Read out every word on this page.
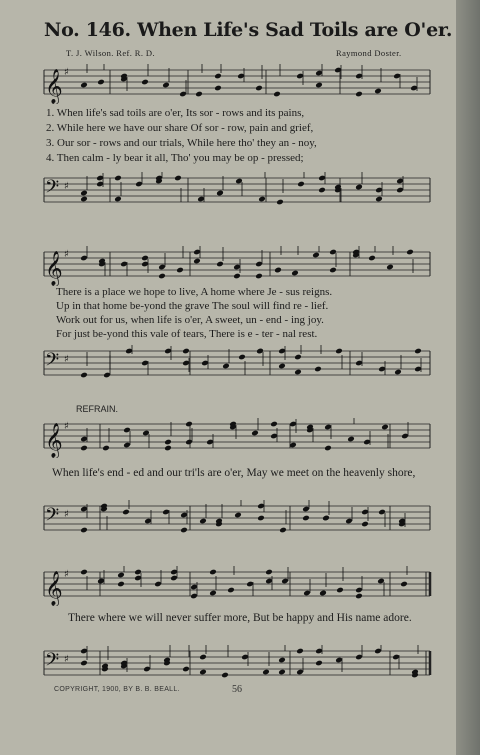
No. 146. When Life's Sad Toils are O'er.
T. J. Wilson. Ref. R. D.	Raymond Doster.
𝄞 ♯
1. When life's sad toils are o'er, Its sor - rows and its pains,
2. While here we have our share Of sor - row, pain and grief,
3. Our sor - rows and our trials, While here tho' they an - noy,
4. Then calm - ly bear it all, Tho' you may be op - pressed;
𝄢 ♯
𝄞 ♯
There is a place we hope to live, A home where Je - sus reigns.
Up in that home be-yond the grave The soul will find re - lief.
Work out for us, when life is o'er, A sweet, un - end - ing joy.
For just be-yond this vale of tears, There is e - ter - nal rest.
𝄢 ♯
REFRAIN.
𝄞 ♯
When life's end - ed and our tri'ls are o'er, May we meet on the heavenly shore,
𝄢 ♯
𝄞 ♯
There where we will never suffer more, But be happy and His name adore.
𝄢 ♯
COPYRIGHT, 1900, BY B. B. BEALL.	56
